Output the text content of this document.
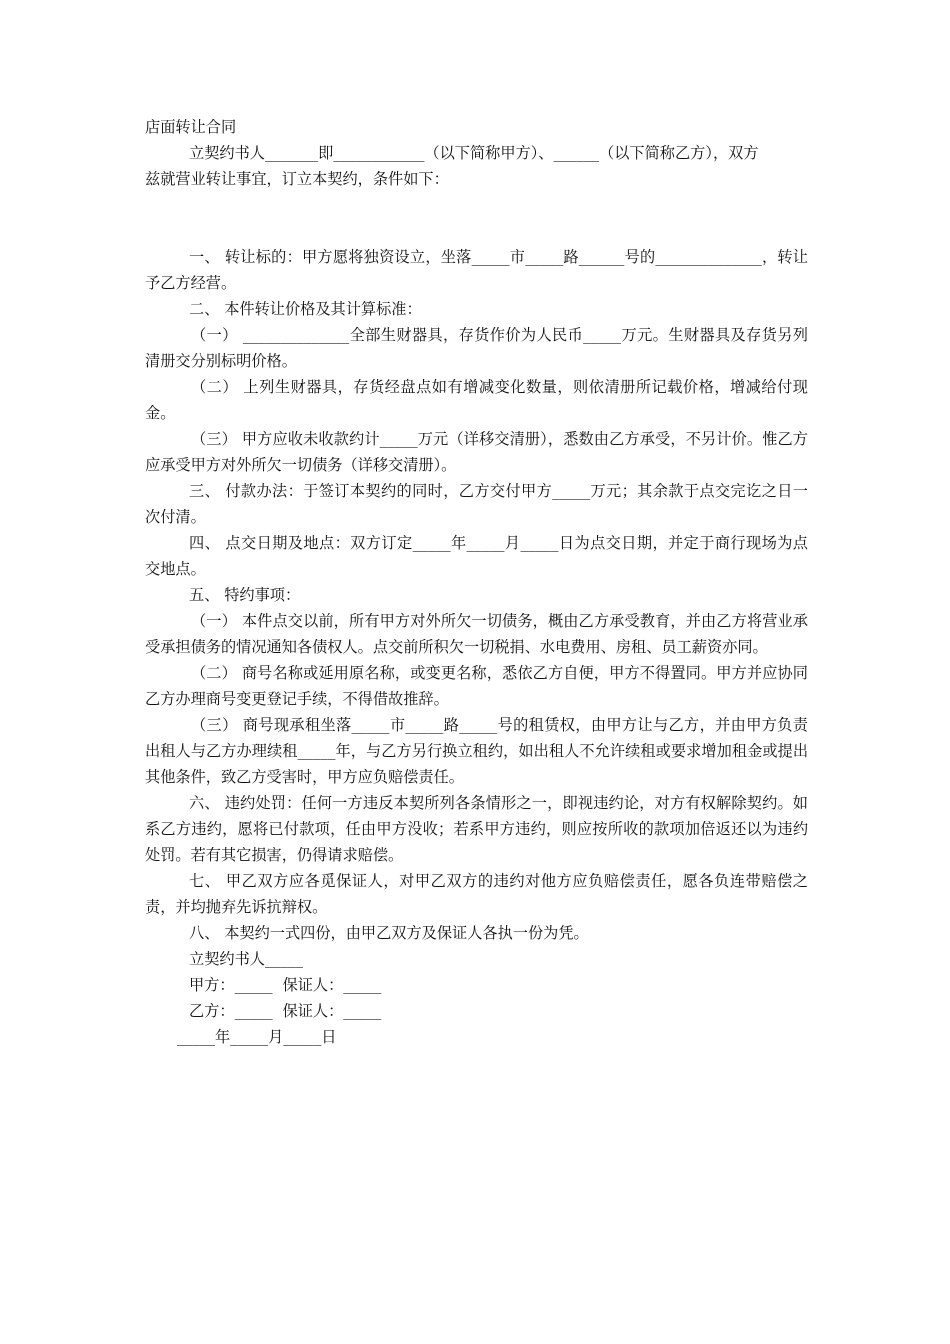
店面转让合同
立契约书人_______即____________（以下简称甲方）、______（以下简称乙方），双方
兹就营业转让事宜，订立本契约，条件如下：

一、 转让标的：甲方愿将独资设立，坐落_____市_____路______号的______________，转让予乙方经营。

二、 本件转让价格及其计算标准：

（一） ______________全部生财器具，存货作价为人民币_____万元。生财器具及存货另列清册交分别标明价格。

（二） 上列生财器具，存货经盘点如有增减变化数量，则依清册所记载价格，增减给付现金。

（三） 甲方应收未收款约计_____万元（详移交清册），悉数由乙方承受，不另计价。惟乙方应承受甲方对外所欠一切债务（详移交清册）。

三、 付款办法：于签订本契约的同时，乙方交付甲方_____万元；其余款于点交完讫之日一次付清。

四、 点交日期及地点：双方订定_____年_____月_____日为点交日期，并定于商行现场为点交地点。

五、 特约事项：

（一） 本件点交以前，所有甲方对外所欠一切债务，概由乙方承受教育，并由乙方将营业承受承担债务的情况通知各债权人。点交前所积欠一切税捐、水电费用、房租、员工薪资亦同。

（二） 商号名称或延用原名称，或变更名称，悉依乙方自便，甲方不得置同。甲方并应协同乙方办理商号变更登记手续，不得借故推辞。

（三） 商号现承租坐落_____市_____路_____号的租赁权，由甲方让与乙方，并由甲方负责出租人与乙方办理续租_____年，与乙方另行换立租约，如出租人不允许续租或要求增加租金或提出其他条件，致乙方受害时，甲方应负赔偿责任。

六、 违约处罚：任何一方违反本契所列各条情形之一，即视违约论，对方有权解除契约。如系乙方违约，愿将已付款项，任由甲方没收；若系甲方违约，则应按所收的款项加倍返还以为违约处罚。若有其它损害，仍得请求赔偿。

七、 甲乙双方应各觅保证人，对甲乙双方的违约对他方应负赔偿责任，愿各负连带赔偿之责，并均抛弃先诉抗辩权。

八、 本契约一式四份，由甲乙双方及保证人各执一份为凭。

立契约书人_____
甲方：_____ 保证人：_____
乙方：_____ 保证人：_____
_____年_____月_____日
